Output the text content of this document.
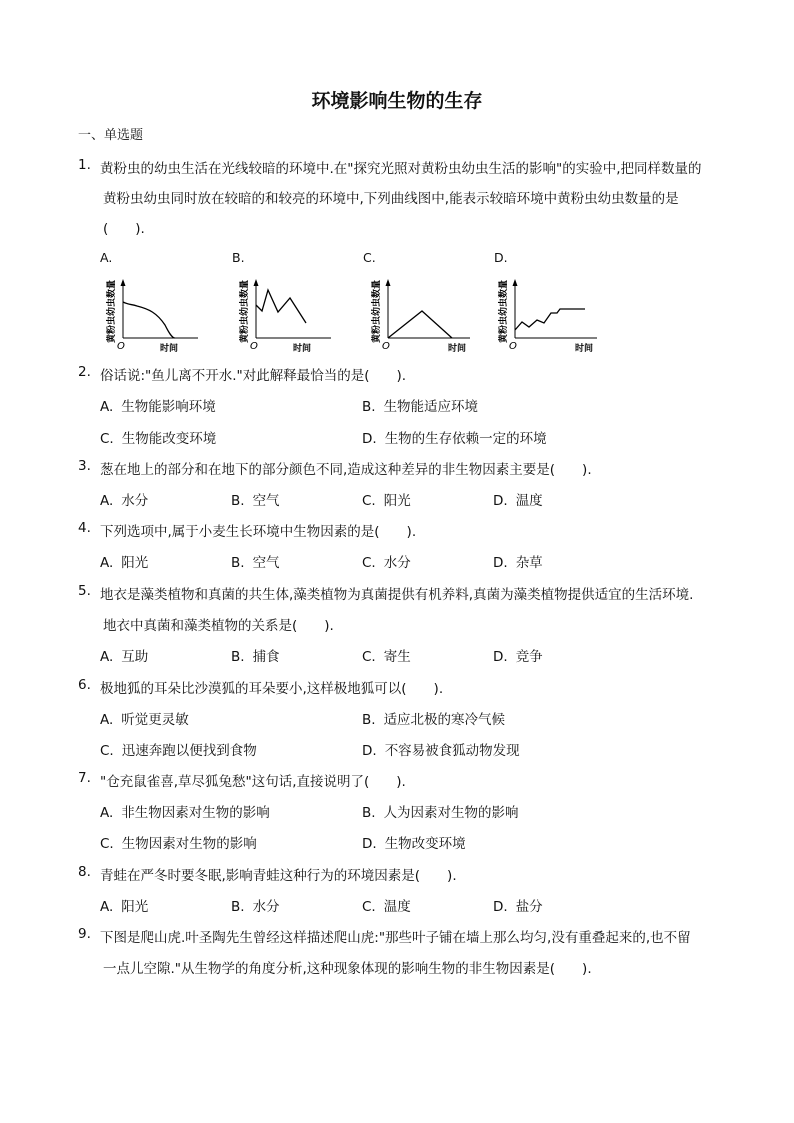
环境影响生物的生存
一、单选题
1. 黄粉虫的幼虫生活在光线较暗的环境中.在"探究光照对黄粉虫幼虫生活的影响"的实验中,把同样数量的
黄粉虫幼虫同时放在较暗的和较亮的环境中,下列曲线图中,能表示较暗环境中黄粉虫幼虫数量的是
(　　).
A.	B.	C.	D.
黄粉虫幼虫数量
O	时间
黄粉虫幼虫数量
O	时间
黄粉虫幼虫数量
O	时间
黄粉虫幼虫数量
O	时间
2. 俗话说:"鱼儿离不开水."对此解释最恰当的是(　　).
A. 生物能影响环境	B. 生物能适应环境
C. 生物能改变环境	D. 生物的生存依赖一定的环境
3. 葱在地上的部分和在地下的部分颜色不同,造成这种差异的非生物因素主要是(　　).
A. 水分	B. 空气	C. 阳光	D. 温度
4. 下列选项中,属于小麦生长环境中生物因素的是(　　).
A. 阳光	B. 空气	C. 水分	D. 杂草
5. 地衣是藻类植物和真菌的共生体,藻类植物为真菌提供有机养料,真菌为藻类植物提供适宜的生活环境.
地衣中真菌和藻类植物的关系是(　　).
A. 互助	B. 捕食	C. 寄生	D. 竞争
6. 极地狐的耳朵比沙漠狐的耳朵要小,这样极地狐可以(　　).
A. 听觉更灵敏	B. 适应北极的寒冷气候
C. 迅速奔跑以便找到食物	D. 不容易被食狐动物发现
7. "仓充鼠雀喜,草尽狐兔愁"这句话,直接说明了(　　).
A. 非生物因素对生物的影响	B. 人为因素对生物的影响
C. 生物因素对生物的影响	D. 生物改变环境
8. 青蛙在严冬时要冬眠,影响青蛙这种行为的环境因素是(　　).
A. 阳光	B. 水分	C. 温度	D. 盐分
9. 下图是爬山虎.叶圣陶先生曾经这样描述爬山虎:"那些叶子铺在墙上那么均匀,没有重叠起来的,也不留
一点儿空隙."从生物学的角度分析,这种现象体现的影响生物的非生物因素是(　　).
